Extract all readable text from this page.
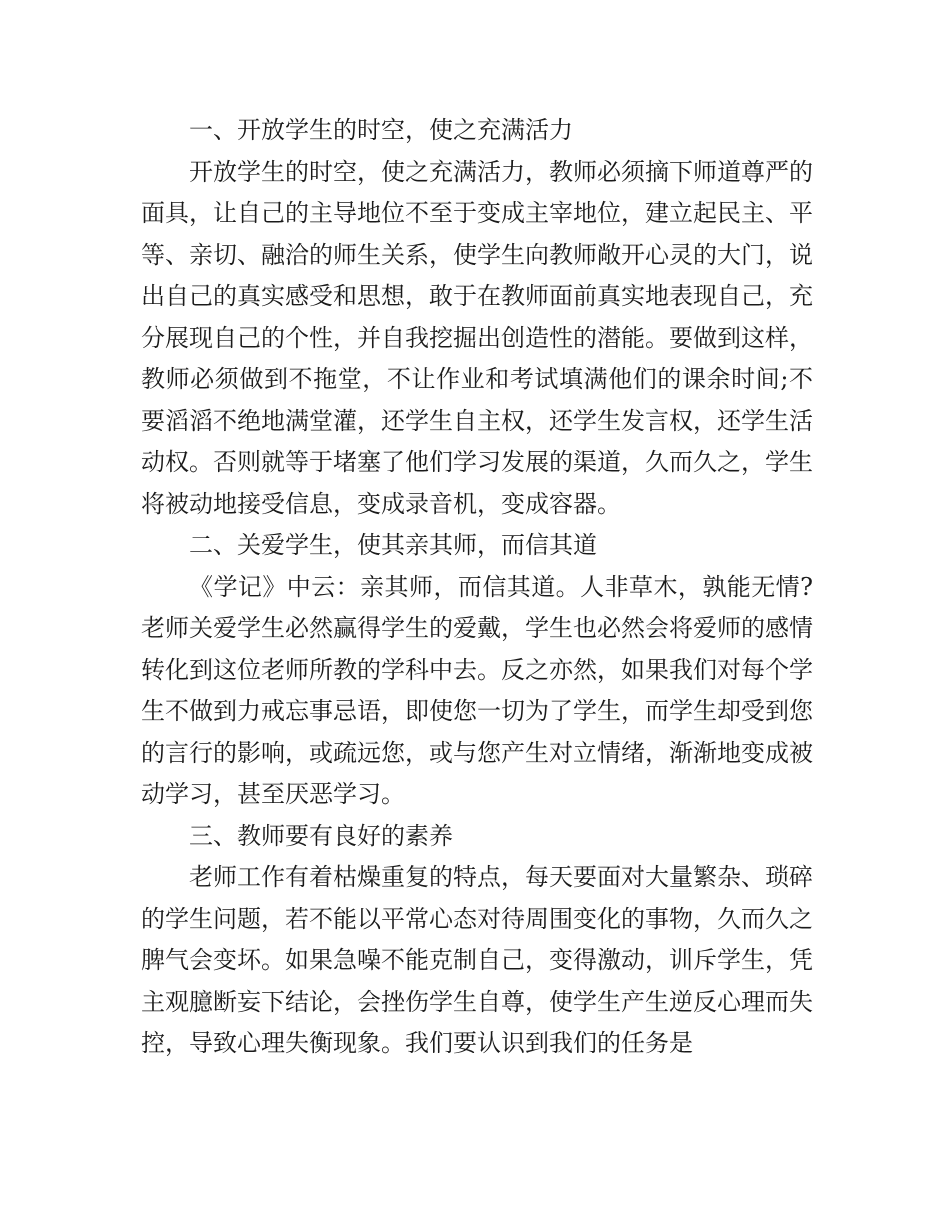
一、开放学生的时空，使之充满活力

开放学生的时空，使之充满活力，教师必须摘下师道尊严的面具，让自己的主导地位不至于变成主宰地位，建立起民主、平等、亲切、融洽的师生关系，使学生向教师敞开心灵的大门，说出自己的真实感受和思想，敢于在教师面前真实地表现自己，充分展现自己的个性，并自我挖掘出创造性的潜能。要做到这样，教师必须做到不拖堂，不让作业和考试填满他们的课余时间;不要滔滔不绝地满堂灌，还学生自主权，还学生发言权，还学生活动权。否则就等于堵塞了他们学习发展的渠道，久而久之，学生将被动地接受信息，变成录音机，变成容器。

二、关爱学生，使其亲其师，而信其道

《学记》中云：亲其师，而信其道。人非草木，孰能无情?老师关爱学生必然赢得学生的爱戴，学生也必然会将爱师的感情转化到这位老师所教的学科中去。反之亦然，如果我们对每个学生不做到力戒忘事忌语，即使您一切为了学生，而学生却受到您的言行的影响，或疏远您，或与您产生对立情绪，渐渐地变成被动学习，甚至厌恶学习。

三、教师要有良好的素养

老师工作有着枯燥重复的特点，每天要面对大量繁杂、琐碎的学生问题，若不能以平常心态对待周围变化的事物，久而久之脾气会变坏。如果急噪不能克制自己，变得激动，训斥学生，凭主观臆断妄下结论，会挫伤学生自尊，使学生产生逆反心理而失控，导致心理失衡现象。我们要认识到我们的任务是
